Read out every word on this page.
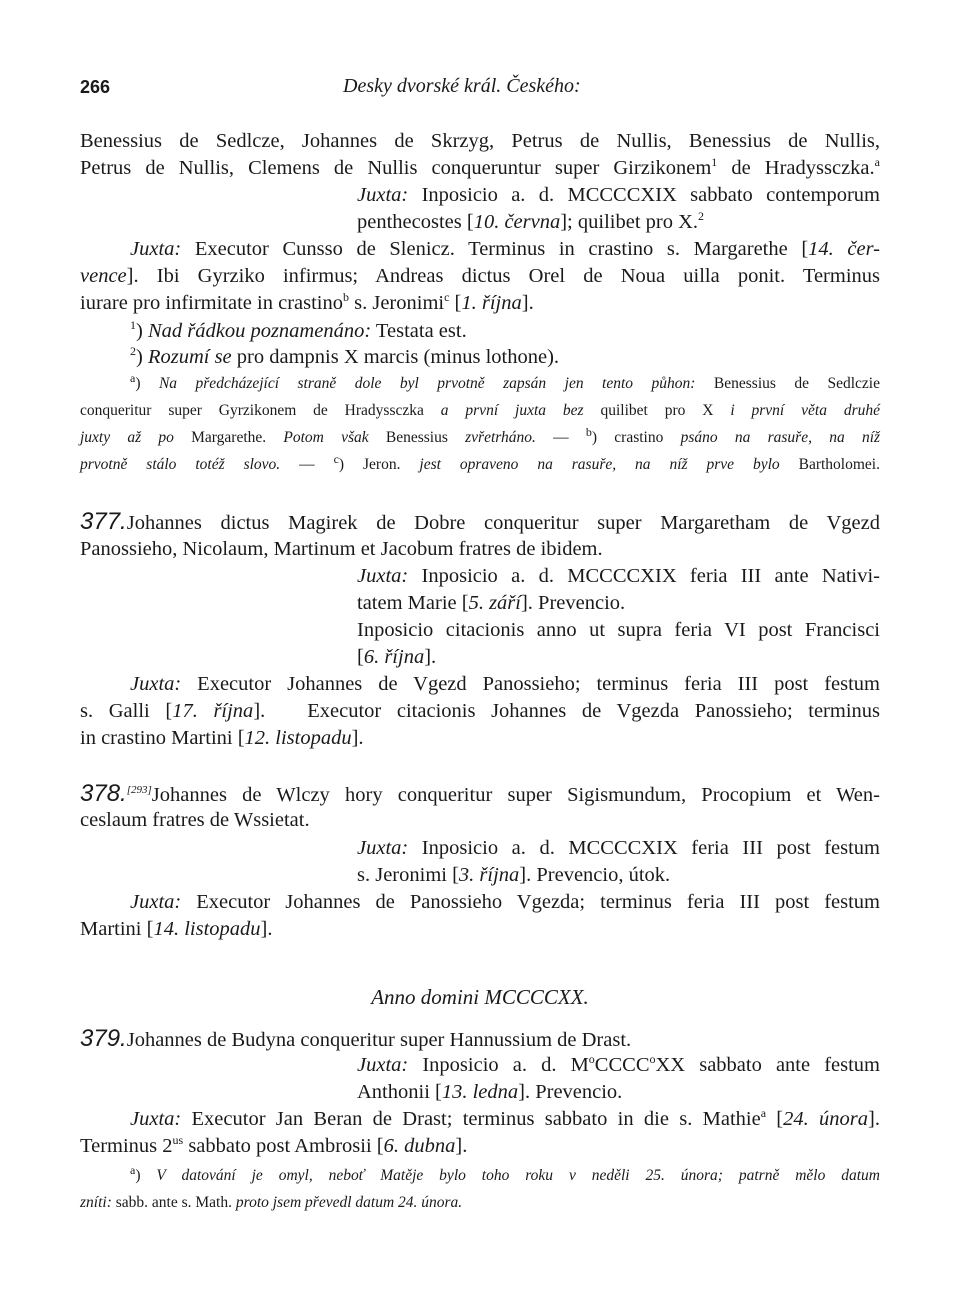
266	Desky dvorské král. Českého:
Benessius de Sedlcze, Johannes de Skrzyg, Petrus de Nullis, Benessius de Nullis,
Petrus de Nullis, Clemens de Nullis conqueruntur super Girzikonem$^1$ de Hradyssczka.$^a$
Juxta: Inposicio a. d. MCCCCXIX sabbato contemporum
penthecostes [10. června]; quilibet pro X.$^2$
Juxta: Executor Cunsso de Slenicz. Terminus in crastino s. Margarethe [14. čer-
vence]. Ibi Gyrziko infirmus; Andreas dictus Orel de Noua uilla ponit. Terminus
iurare pro infirmitate in crastino$^b$ s. Jeronimi$^c$ [1. října].
$^1$) Nad řádkou poznamenáno: Testata est.
$^2$) Rozumí se pro dampnis X marcis (minus lothone).
$^a$) Na předcházející straně dole byl prvotně zapsán jen tento půhon: Benessius de Sedlczie
conqueritur super Gyrzikonem de Hradyssczka a první juxta bez quilibet pro X i první věta druhé
juxty až po Margarethe. Potom však Benessius zvřetrháno. — $^b$) crastino psáno na rasuře, na níž
prvotně stálo totéž slovo. — $^c$) Jeron. jest opraveno na rasuře, na níž prve bylo Bartholomei.
377.Johannes dictus Magirek de Dobre conqueritur super Margaretham de Vgezd
Panossieho, Nicolaum, Martinum et Jacobum fratres de ibidem.
Juxta: Inposicio a. d. MCCCCXIX feria III ante Nativi-
tatem Marie [5. září]. Prevencio.
Inposicio citacionis anno ut supra feria VI post Francisci
[6. října].
Juxta: Executor Johannes de Vgezd Panossieho; terminus feria III post festum
s. Galli [17. října]. Executor citacionis Johannes de Vgezda Panossieho; terminus
in crastino Martini [12. listopadu].
378.[293]Johannes de Wlczy hory conqueritur super Sigismundum, Procopium et Wen-
ceslaum fratres de Wssietat.
Juxta: Inposicio a. d. MCCCCXIX feria III post festum
s. Jeronimi [3. října]. Prevencio, útok.
Juxta: Executor Johannes de Panossieho Vgezda; terminus feria III post festum
Martini [14. listopadu].
Anno domini MCCCCXX.
379.Johannes de Budyna conqueritur super Hannussium de Drast.
Juxta: Inposicio a. d. $M^oCCCC^oXX$ sabbato ante festum
Anthonii [13. ledna]. Prevencio.
Juxta: Executor Jan Beran de Drast; terminus sabbato in die s. Mathie$^a$ [24. února].
Terminus $2^{us}$ sabbato post Ambrosii [6. dubna].
$^a$) V datování je omyl, neboť Matěje bylo toho roku v neděli 25. února; patrně mělo datum
zníti: sabb. ante s. Math. proto jsem převedl datum 24. února.
